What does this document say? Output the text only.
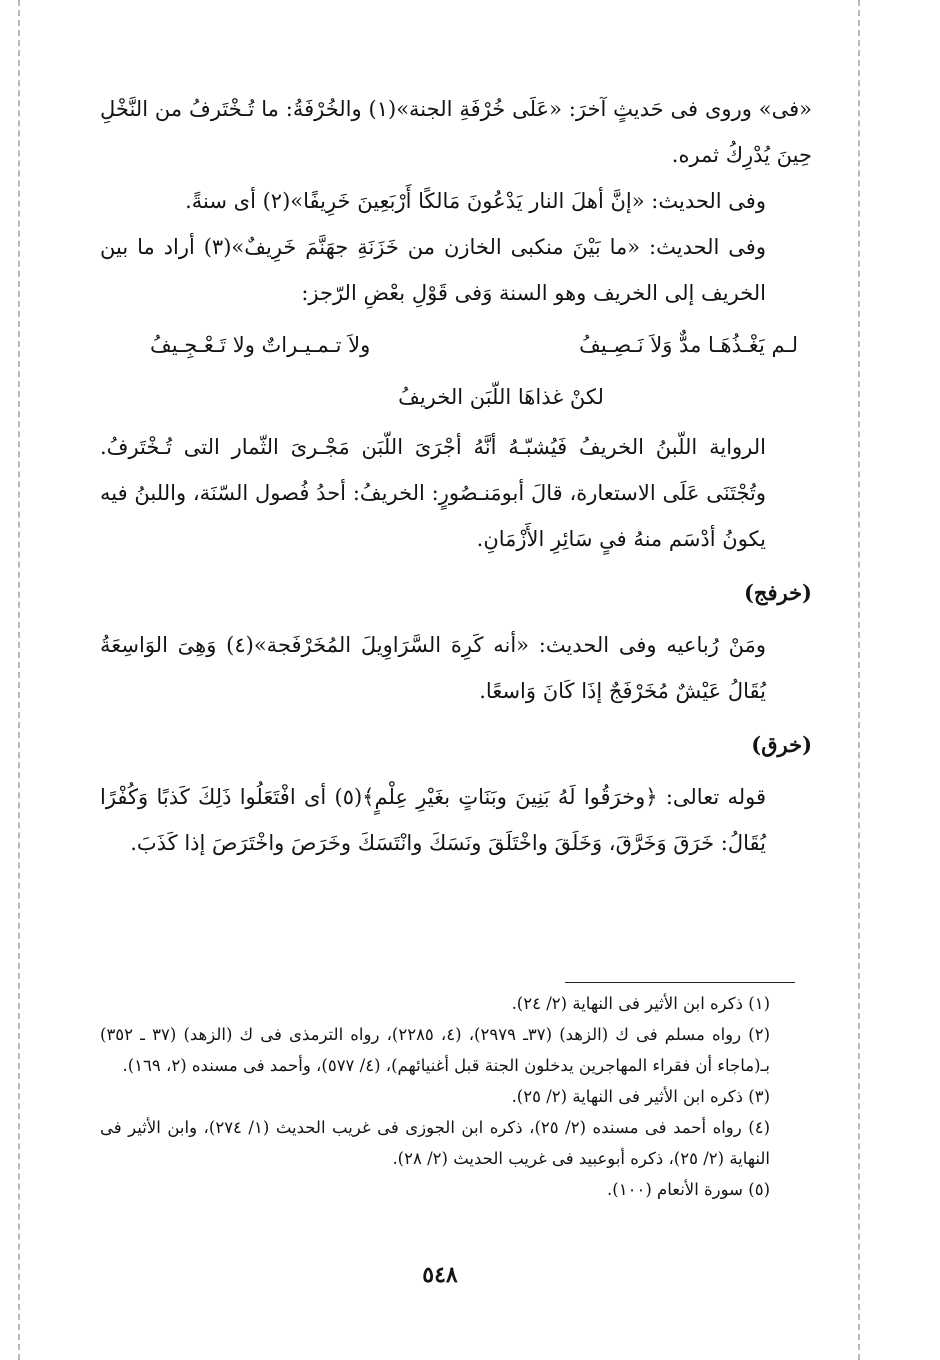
«فى» وروى فى حَديثٍ آخرَ: «عَلَى خُرْفَةِ الجنة»(١) والخُرْفَةُ: ما تُـخْتَرفُ من النَّخْلِ حِينَ يُدْرِكُ ثمره.

وفى الحديث: «إنَّ أهلَ النار يَدْعُونَ مَالكًا أَرْبَعِينَ خَرِيفًا»(٢) أى سنةً.

وفى الحديث: «ما بَيْنَ منكبى الخازن من خَزَنَةِ جهَنَّمَ خَرِيفٌ»(٣) أراد ما بين الخريف إلى الخريف وهو السنة وَفى قَوْلِ بعْضِ الرّجز:

لـم يَغْـذُهَـا مدٌّ وَلاَ نَـصِـيفُ
ولاَ تـمـيـراتٌ ولا تَـعْـجِـيفُ
لكنْ غذاهَا اللّبَن الخريفُ

الرواية اللّبنُ الخريفُ فَيُشبّـهُ أنَّهُ أجْرَىَ اللّبَن مَجْـرىَ الثّمار التى تُـخْتَرفُ. وتُجْتَنَى عَلَى الاستعارة، قالَ أبومَنـصُورٍ: الخريفُ: أحدُ فُصول السّنَة، واللبنُ فيه يكونُ أدْسَم منهُ فىٍ سَائِرِ الأَزْمَانِ.

(خرفج)

ومَنْ رُباعيه وفى الحديث: «أنه كَرِهَ السَّرَاوِيلَ المُخَرْفَجة»(٤) وَهِىَ الوَاسِعَةُ يُقَالُ عَيْشٌ مُخَرْفَجٌ إذَا كَانَ وَاسعًا.

(خرق)

قوله تعالى: ﴿وخرَقُوا لَهُ بَنِينَ وبَنَاتٍ بغَيْرِ عِلْمٍ﴾(٥) أى افْتَعَلُوا ذَلِكَ كَذبًا وَكُفْرًا يُقَالُ: خَرَقَ وَخَرَّقَ، وَخَلَقَ واخْتَلَقَ ونَسَكَ وانْتَسَكَ وخَرَصَ واخْتَرَصَ إذا كَذَبَ.

(١) ذكره ابن الأثير فى النهاية (٢/ ٢٤).

(٢) رواه مسلم فى ك (الزهد) (٣٧ـ ٢٩٧٩)، (٤، ٢٢٨٥)، رواه الترمذى فى ك (الزهد) (٣٧ ـ ٣٥٢) بـ(ماجاء أن فقراء المهاجرين يدخلون الجنة قبل أغنيائهم)، (٤/ ٥٧٧)، وأحمد فى مسنده (٢، ١٦٩).

(٣) ذكره ابن الأثير فى النهاية (٢/ ٢٥).

(٤) رواه أحمد فى مسنده (٢/ ٢٥)، ذكره ابن الجوزى فى غريب الحديث (١/ ٢٧٤)، وابن الأثير فى النهاية (٢/ ٢٥)، ذكره أبوعبيد فى غريب الحديث (٢/ ٢٨).

(٥) سورة الأنعام (١٠٠).

٥٤٨
